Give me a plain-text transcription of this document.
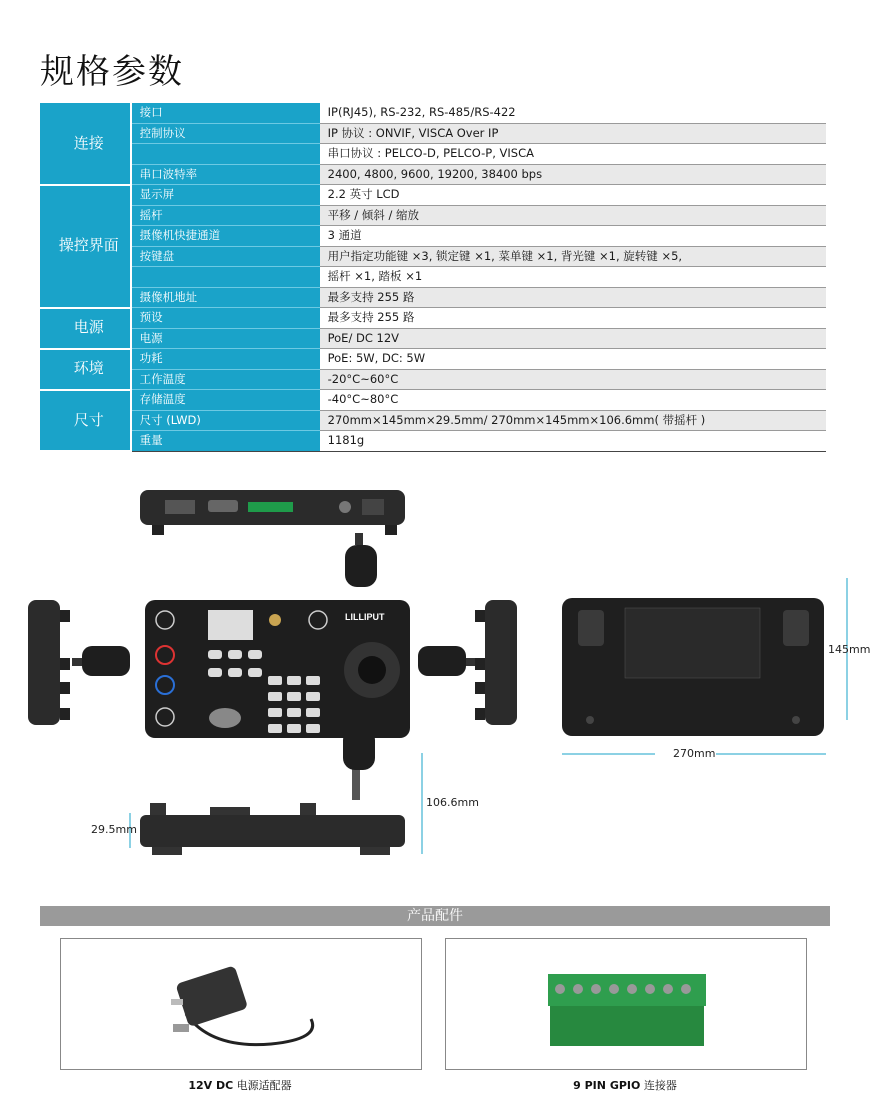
规格参数
连接	接口	IP(RJ45), RS-232, RS-485/RS-422
	控制协议	IP 协议 : ONVIF, VISCA Over IP
		串口协议 : PELCO-D, PELCO-P, VISCA
	串口波特率	2400, 4800, 9600, 19200, 38400 bps
操控界面	显示屏	2.2 英寸 LCD
	摇杆	平移 / 倾斜 / 缩放
	摄像机快捷通道	3 通道
	按键盘	用户指定功能键 ×3, 锁定键 ×1, 菜单键 ×1, 背光键 ×1, 旋转键 ×5,
		摇杆 ×1, 踏板 ×1
	摄像机地址	最多支持 255 路
电源	预设	最多支持 255 路
	电源	PoE/ DC 12V
环境	功耗	PoE: 5W, DC: 5W
	工作温度	-20°C~60°C
尺寸	存储温度	-40°C~80°C
	尺寸 (LWD)	270mm×145mm×29.5mm/ 270mm×145mm×106.6mm( 带摇杆 )
	重量	1181g
LILLIPUT
145mm
270mm
106.6mm
29.5mm
产品配件
12V DC 电源适配器	9 PIN GPIO 连接器
